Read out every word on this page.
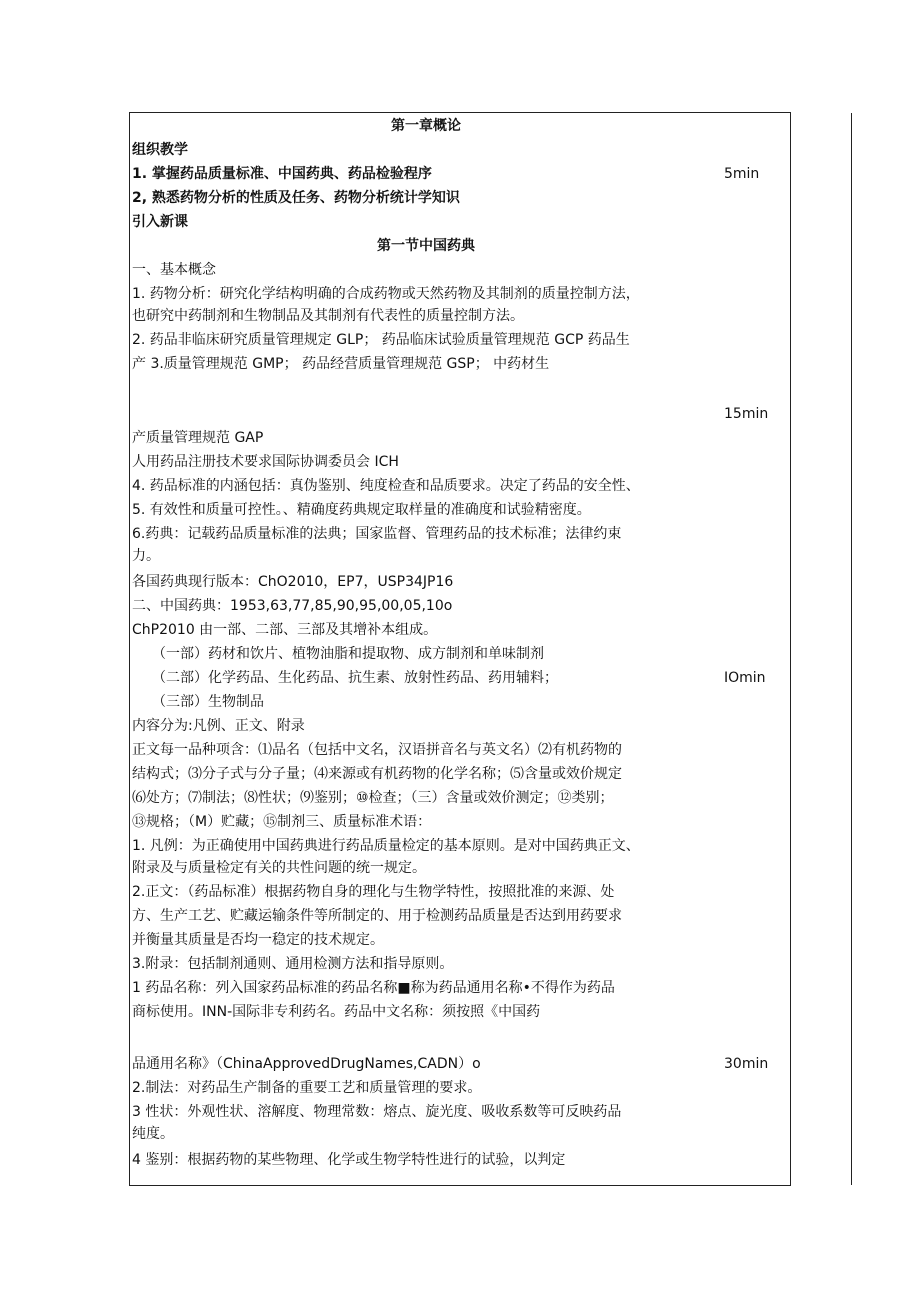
第一章概论
组织教学
1. 掌握药品质量标准、中国药典、药品检验程序
2, 熟悉药物分析的性质及任务、药物分析统计学知识
引入新课
第一节中国药典
一、基本概念
1. 药物分析：研究化学结构明确的合成药物或天然药物及其制剂的质量控制方法，
也研究中药制剂和生物制品及其制剂有代表性的质量控制方法。
2. 药品非临床研究质量管理规定 GLP； 药品临床试验质量管理规范 GCP 药品生
产 3.质量管理规范 GMP； 药品经营质量管理规范 GSP； 中药材生
产质量管理规范 GAP
人用药品注册技术要求国际协调委员会 ICH
4. 药品标准的内涵包括：真伪鉴别、纯度检查和品质要求。决定了药品的安全性、
5. 有效性和质量可控性。、精确度药典规定取样量的准确度和试验精密度。
6.药典：记载药品质量标准的法典；国家监督、管理药品的技术标准；法律约束
力。
各国药典现行版本：ChO2010，EP7，USP34JP16
二、中国药典：1953,63,77,85,90,95,00,05,10o
ChP2010 由一部、二部、三部及其增补本组成。
（一部）药材和饮片、植物油脂和提取物、成方制剂和单味制剂
（二部）化学药品、生化药品、抗生素、放射性药品、药用辅料；
（三部）生物制品
内容分为:凡例、正文、附录
正文每一品种项含：⑴品名（包括中文名，汉语拼音名与英文名）⑵有机药物的
结构式；⑶分子式与分子量；⑷来源或有机药物的化学名称；⑸含量或效价规定
⑹处方；⑺制法；⑻性状；⑼鉴别；⑩检查；（三）含量或效价测定；⑫类别；
⑬规格；（M）贮藏；⑮制剂三、质量标准术语：
1. 凡例：为正确使用中国药典进行药品质量检定的基本原则。是对中国药典正文、
附录及与质量检定有关的共性问题的统一规定。
2.正文：（药品标准）根据药物自身的理化与生物学特性，按照批准的来源、处
方、生产工艺、贮藏运输条件等所制定的、用于检测药品质量是否达到用药要求
并衡量其质量是否均一稳定的技术规定。
3.附录：包括制剂通则、通用检测方法和指导原则。
1 药品名称：列入国家药品标准的药品名称■称为药品通用名称•不得作为药品
商标使用。INN-国际非专利药名。药品中文名称：须按照《中国药
品通用名称》（ChinaApprovedDrugNames,CADN）o
2.制法：对药品生产制备的重要工艺和质量管理的要求。
3 性状：外观性状、溶解度、物理常数：熔点、旋光度、吸收系数等可反映药品
纯度。
4 鉴别：根据药物的某些物理、化学或生物学特性进行的试验，以判定
5min
15min
IOmin
30min
